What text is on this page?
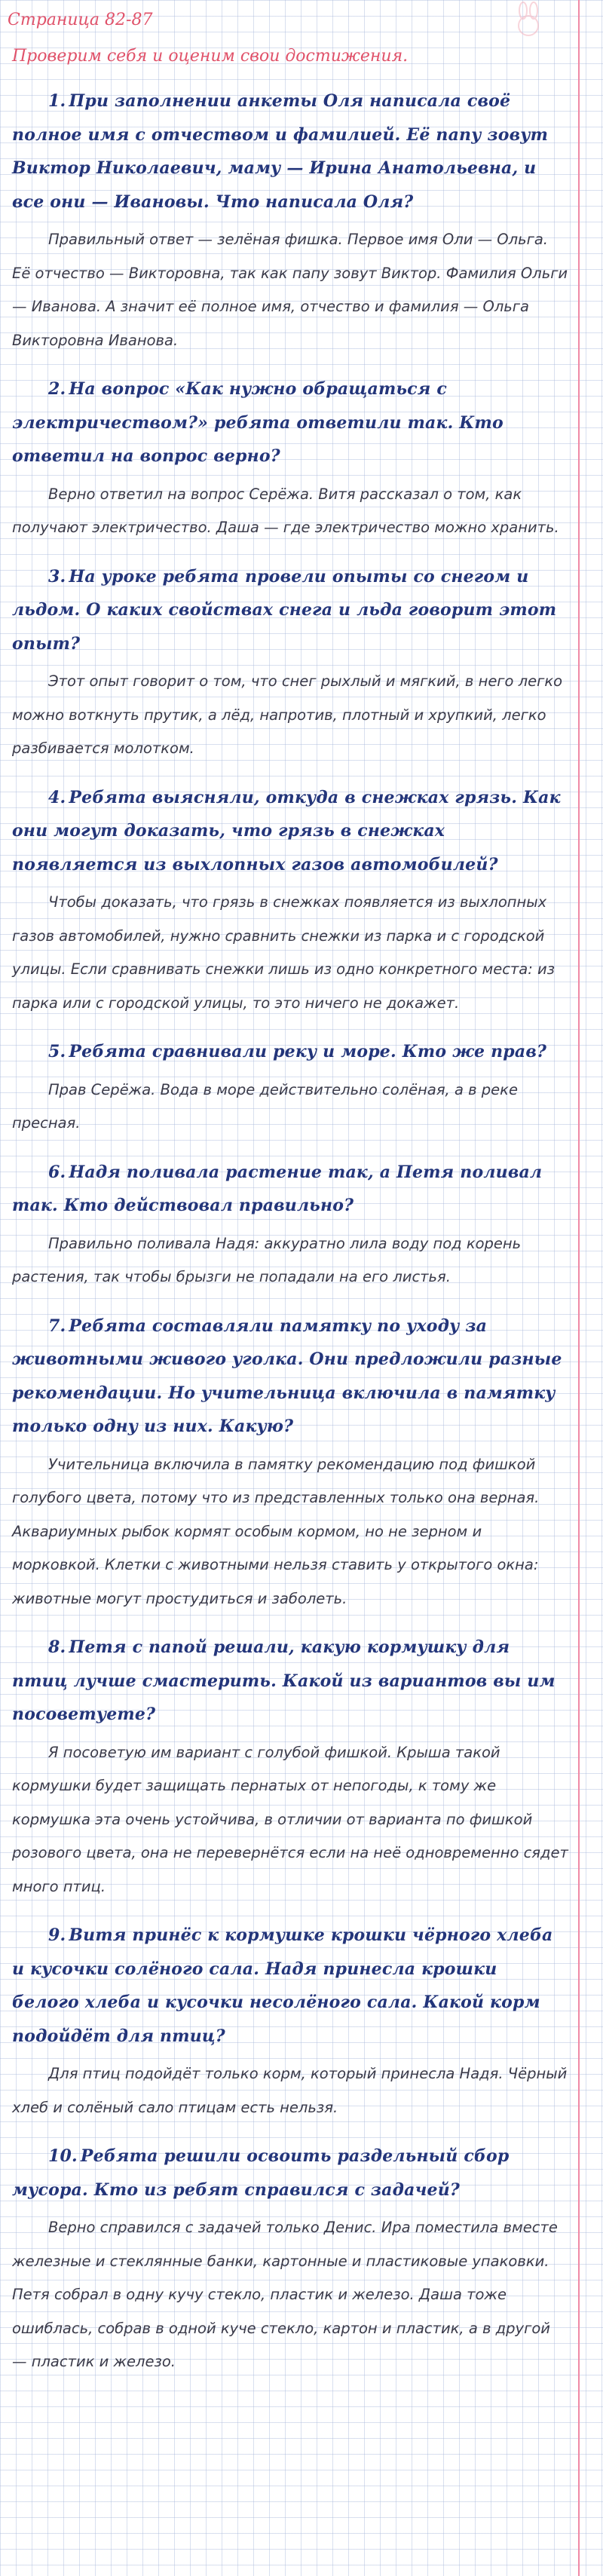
Страница 82-87
Проверим себя и оценим свои достижения.
1. При заполнении анкеты Оля написала своё полное имя с отчеством и фамилией. Её папу зовут Виктор Николаевич, маму — Ирина Анатольевна, и все они — Ивановы. Что написала Оля?
Правильный ответ — зелёная фишка. Первое имя Оли — Ольга. Её отчество — Викторовна, так как папу зовут Виктор. Фамилия Ольги — Иванова. А значит её полное имя, отчество и фамилия — Ольга Викторовна Иванова.
2. На вопрос «Как нужно обращаться с электричеством?» ребята ответили так. Кто ответил на вопрос верно?
Верно ответил на вопрос Серёжа. Витя рассказал о том, как получают электричество. Даша — где электричество можно хранить.
3. На уроке ребята провели опыты со снегом и льдом. О каких свойствах снега и льда говорит этот опыт?
Этот опыт говорит о том, что снег рыхлый и мягкий, в него легко можно воткнуть прутик, а лёд, напротив, плотный и хрупкий, легко разбивается молотком.
4. Ребята выясняли, откуда в снежках грязь. Как они могут доказать, что грязь в снежках появляется из выхлопных газов автомобилей?
Чтобы доказать, что грязь в снежках появляется из выхлопных газов автомобилей, нужно сравнить снежки из парка и с городской улицы. Если сравнивать снежки лишь из одно конкретного места: из парка или с городской улицы, то это ничего не докажет.
5. Ребята сравнивали реку и море. Кто же прав?
Прав Серёжа. Вода в море действительно солёная, а в реке пресная.
6. Надя поливала растение так, а Петя поливал так. Кто действовал правильно?
Правильно поливала Надя: аккуратно лила воду под корень растения, так чтобы брызги не попадали на его листья.
7. Ребята составляли памятку по уходу за животными живого уголка. Они предложили разные рекомендации. Но учительница включила в памятку только одну из них. Какую?
Учительница включила в памятку рекомендацию под фишкой голубого цвета, потому что из представленных только она верная. Аквариумных рыбок кормят особым кормом, но не зерном и морковкой. Клетки с животными нельзя ставить у открытого окна: животные могут простудиться и заболеть.
8. Петя с папой решали, какую кормушку для птиц лучше смастерить. Какой из вариантов вы им посоветуете?
Я посоветую им вариант с голубой фишкой. Крыша такой кормушки будет защищать пернатых от непогоды, к тому же кормушка эта очень устойчива, в отличии от варианта по фишкой розового цвета, она не перевернётся если на неё одновременно сядет много птиц.
9. Витя принёс к кормушке крошки чёрного хлеба и кусочки солёного сала. Надя принесла крошки белого хлеба и кусочки несолёного сала. Какой корм подойдёт для птиц?
Для птиц подойдёт только корм, который принесла Надя. Чёрный хлеб и солёный сало птицам есть нельзя.
10. Ребята решили освоить раздельный сбор мусора. Кто из ребят справился с задачей?
Верно справился с задачей только Денис. Ира поместила вместе железные и стеклянные банки, картонные и пластиковые упаковки. Петя собрал в одну кучу стекло, пластик и железо. Даша тоже ошиблась, собрав в одной куче стекло, картон и пластик, а в другой — пластик и железо.
